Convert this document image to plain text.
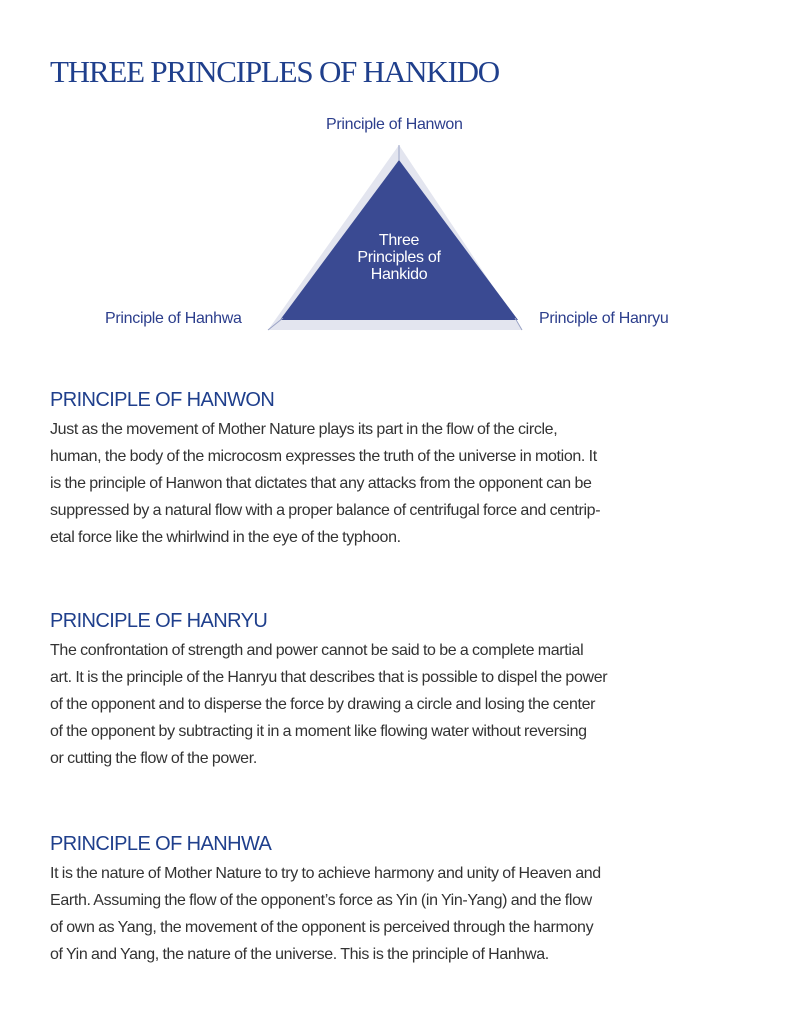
THREE PRINCIPLES OF HANKIDO
Principle of Hanwon
Principle of Hanhwa	Principle of Hanryu
Three
Principles of
Hankido
PRINCIPLE OF HANWON

Just as the movement of Mother Nature plays its part in the flow of the circle,
human, the body of the microcosm expresses the truth of the universe in motion. It
is the principle of Hanwon that dictates that any attacks from the opponent can be
suppressed by a natural flow with a proper balance of centrifugal force and centrip-
etal force like the whirlwind in the eye of the typhoon.

PRINCIPLE OF HANRYU

The confrontation of strength and power cannot be said to be a complete martial
art. It is the principle of the Hanryu that describes that is possible to dispel the power
of the opponent and to disperse the force by drawing a circle and losing the center
of the opponent by subtracting it in a moment like flowing water without reversing
or cutting the flow of the power.

PRINCIPLE OF HANHWA

It is the nature of Mother Nature to try to achieve harmony and unity of Heaven and
Earth. Assuming the flow of the opponent’s force as Yin (in Yin-Yang) and the flow
of own as Yang, the movement of the opponent is perceived through the harmony
of Yin and Yang, the nature of the universe. This is the principle of Hanhwa.
